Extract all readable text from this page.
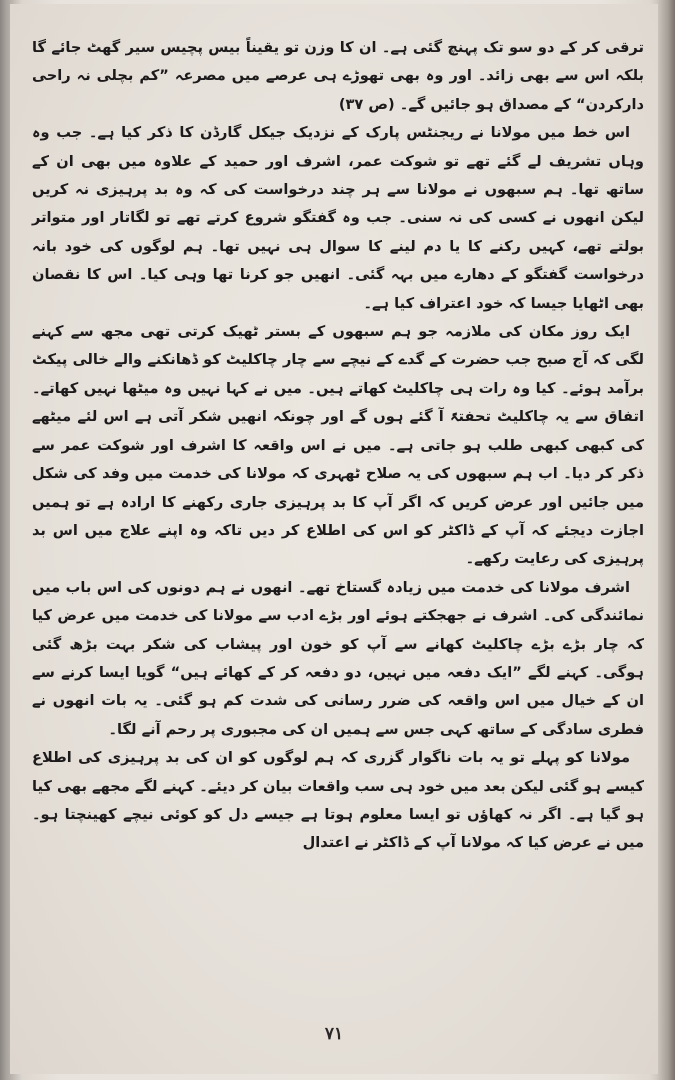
ترقی کر کے دو سو تک پہنچ گئی ہے۔ ان کا وزن تو یقیناً بیس پچیس سیر گھٹ جائے گا بلکہ اس سے بھی زائد۔ اور وہ بھی تھوڑے ہی عرصے میں مصرعہ ”کم بچلی نہ راحی دارکردن“ کے مصداق ہو جائیں گے۔ (ص ۳۷)

اس خط میں مولانا نے ریجنٹس پارک کے نزدیک جیکل گارڈن کا ذکر کیا ہے۔ جب وہ وہاں تشریف لے گئے تھے تو شوکت عمر، اشرف اور حمید کے علاوہ میں بھی ان کے ساتھ تھا۔ ہم سبھوں نے مولانا سے ہر چند درخواست کی کہ وہ بد پرہیزی نہ کریں لیکن انھوں نے کسی کی نہ سنی۔ جب وہ گفتگو شروع کرتے تھے تو لگاتار اور متواتر بولتے تھے، کہیں رکنے کا یا دم لینے کا سوال ہی نہیں تھا۔ ہم لوگوں کی خود بانہ درخواست گفتگو کے دھارے میں بہہ گئی۔ انھیں جو کرنا تھا وہی کیا۔ اس کا نقصان بھی اٹھایا جیسا کہ خود اعتراف کیا ہے۔

ایک روز مکان کی ملازمہ جو ہم سبھوں کے بستر ٹھیک کرتی تھی مجھ سے کہنے لگی کہ آج صبح جب حضرت کے گدے کے نیچے سے چار چاکلیٹ کو ڈھانکنے والے خالی پیکٹ برآمد ہوئے۔ کیا وہ رات ہی چاکلیٹ کھاتے ہیں۔ میں نے کہا نہیں وہ میٹھا نہیں کھاتے۔ اتفاق سے یہ چاکلیٹ تحفتہً آ گئے ہوں گے اور چونکہ انھیں شکر آتی ہے اس لئے میٹھے کی کبھی کبھی طلب ہو جاتی ہے۔ میں نے اس واقعہ کا اشرف اور شوکت عمر سے ذکر کر دیا۔ اب ہم سبھوں کی یہ صلاح ٹھہری کہ مولانا کی خدمت میں وفد کی شکل میں جائیں اور عرض کریں کہ اگر آپ کا بد پرہیزی جاری رکھنے کا ارادہ ہے تو ہمیں اجازت دیجئے کہ آپ کے ڈاکٹر کو اس کی اطلاع کر دیں تاکہ وہ اپنے علاج میں اس بد پرہیزی کی رعایت رکھے۔

اشرف مولانا کی خدمت میں زیادہ گستاخ تھے۔ انھوں نے ہم دونوں کی اس باب میں نمائندگی کی۔ اشرف نے جھجکتے ہوئے اور بڑے ادب سے مولانا کی خدمت میں عرض کیا کہ چار بڑے بڑے چاکلیٹ کھانے سے آپ کو خون اور پیشاب کی شکر بہت بڑھ گئی ہوگی۔ کہنے لگے ”ایک دفعہ میں نہیں، دو دفعہ کر کے کھائے ہیں“ گویا ایسا کرنے سے ان کے خیال میں اس واقعہ کی ضرر رسانی کی شدت کم ہو گئی۔ یہ بات انھوں نے فطری سادگی کے ساتھ کہی جس سے ہمیں ان کی مجبوری پر رحم آنے لگا۔

مولانا کو پہلے تو یہ بات ناگوار گزری کہ ہم لوگوں کو ان کی بد پرہیزی کی اطلاع کیسے ہو گئی لیکن بعد میں خود ہی سب واقعات بیان کر دیئے۔ کہنے لگے مجھے بھی کیا ہو گیا ہے۔ اگر نہ کھاؤں تو ایسا معلوم ہوتا ہے جیسے دل کو کوئی نیچے کھینچتا ہو۔ میں نے عرض کیا کہ مولانا آپ کے ڈاکٹر نے اعتدال

۷۱
